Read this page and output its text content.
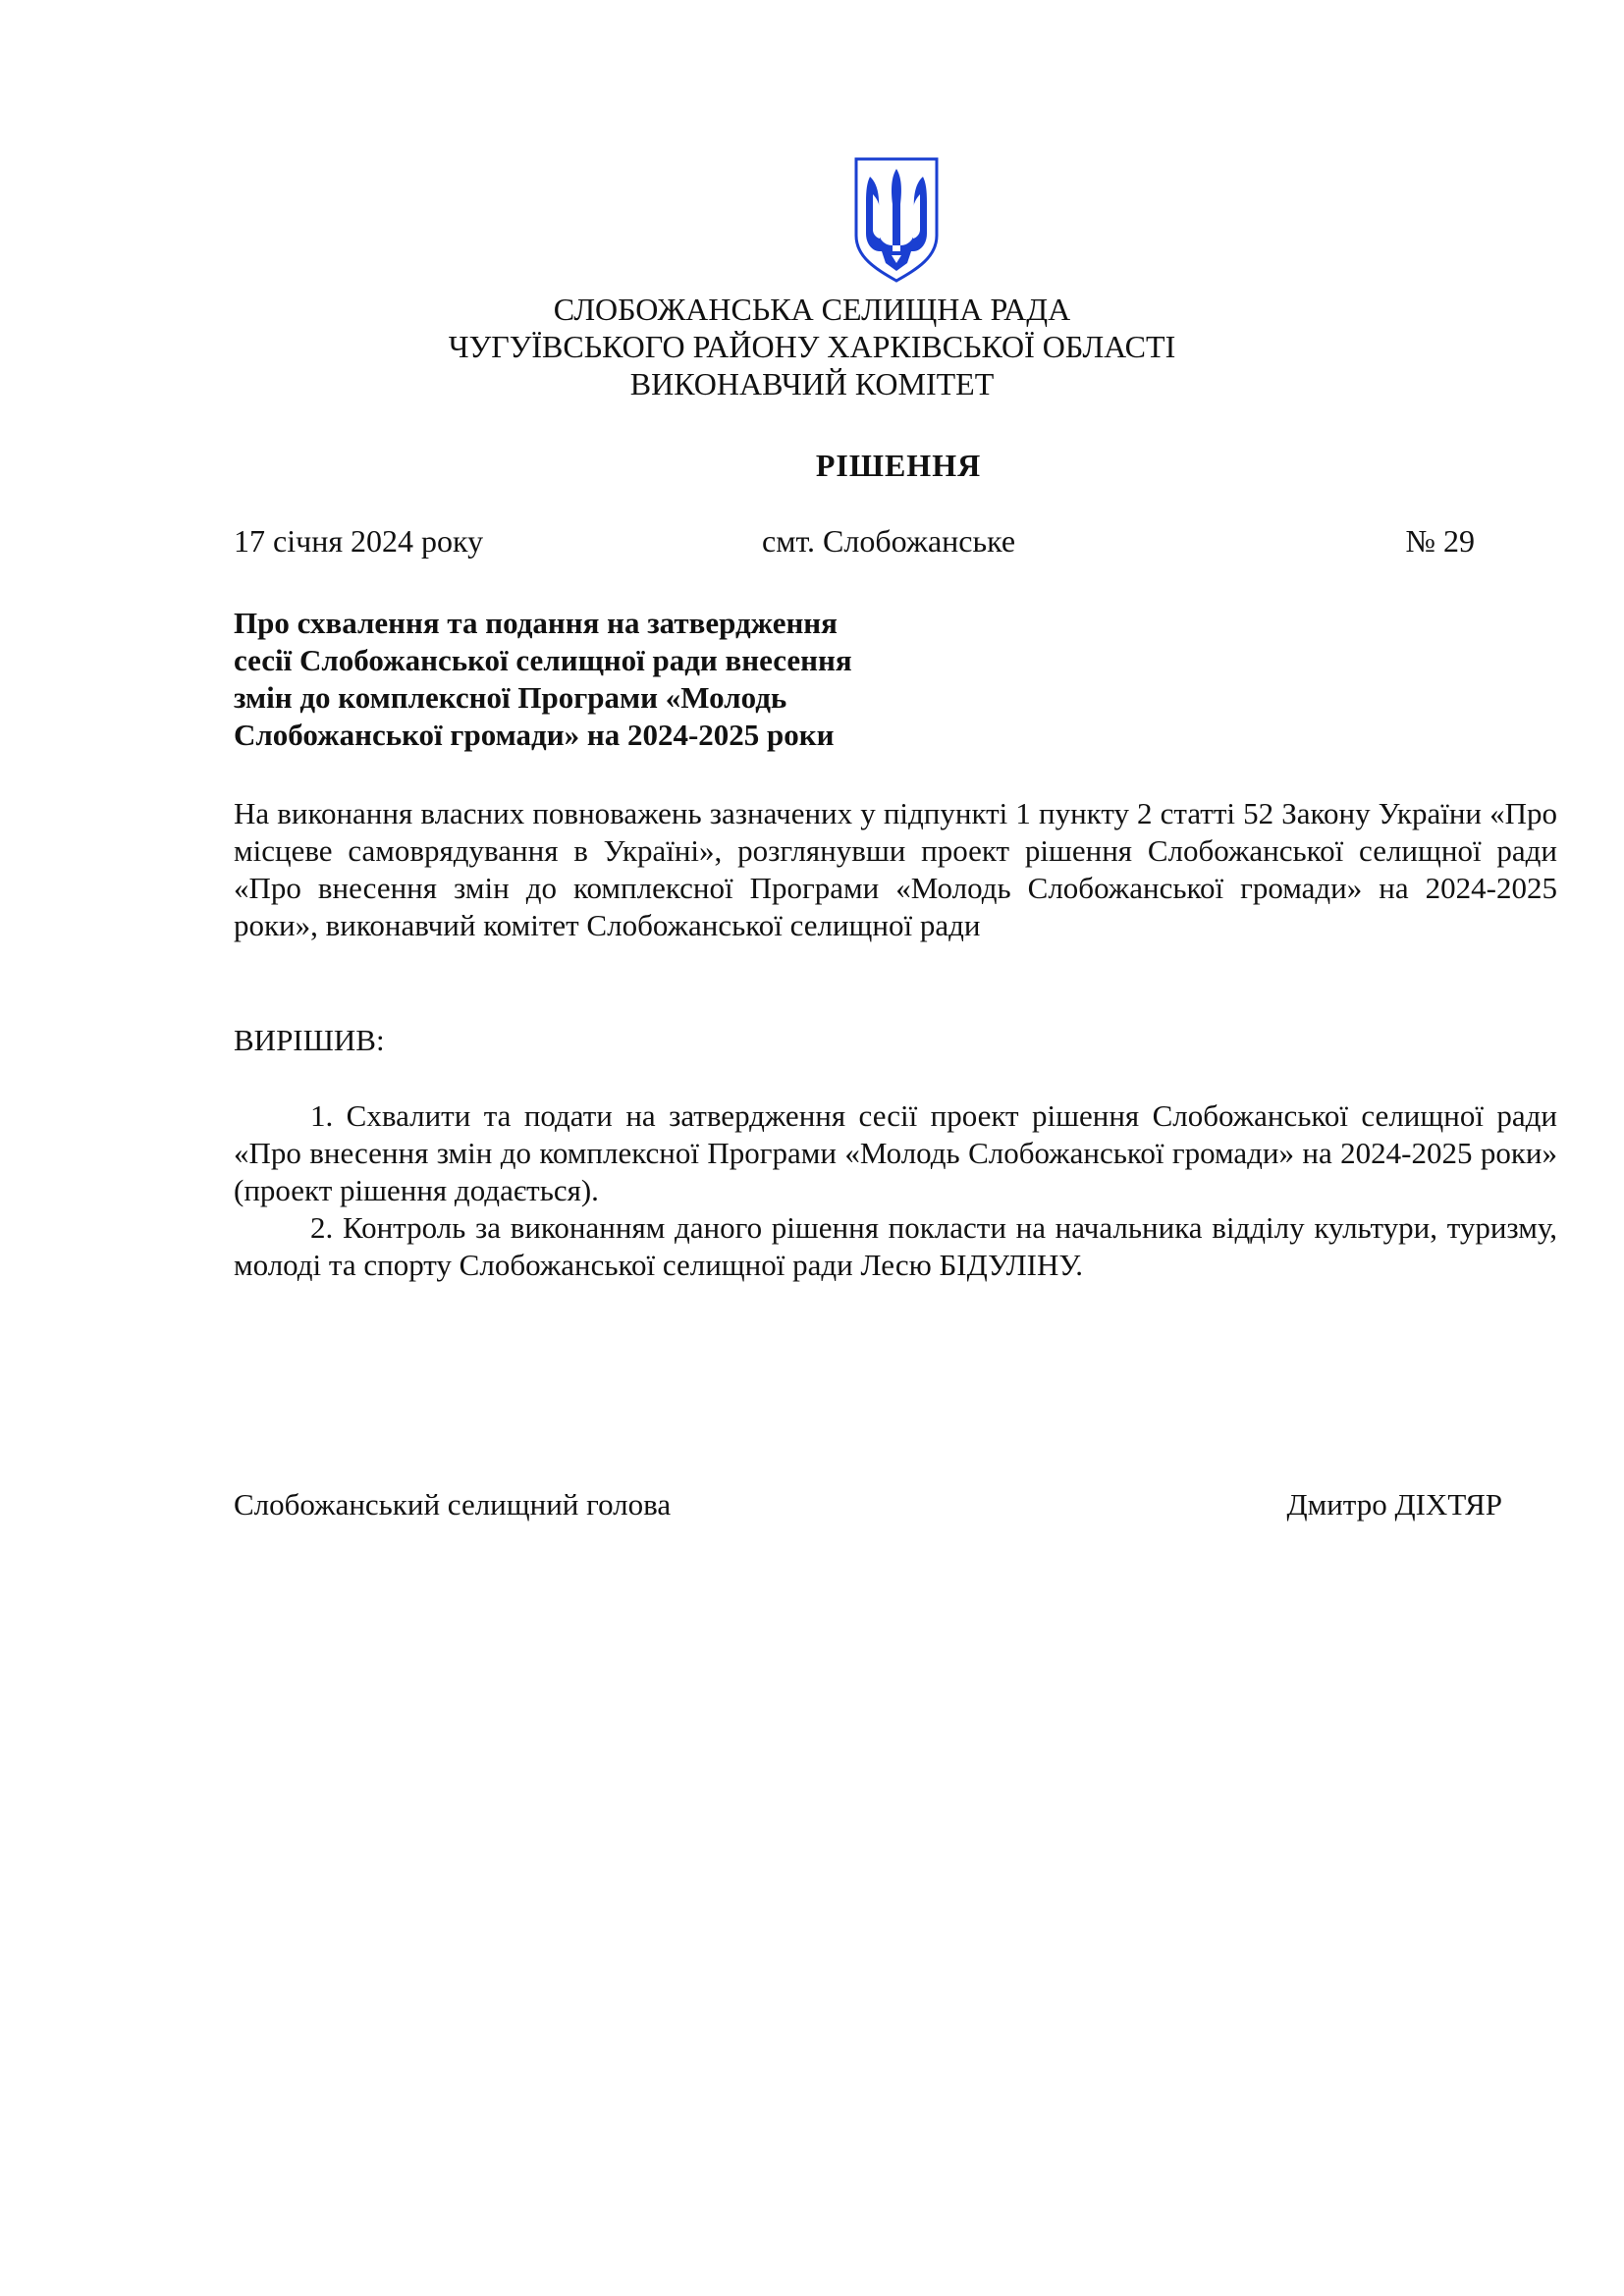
СЛОБОЖАНСЬКА СЕЛИЩНА РАДА
ЧУГУЇВСЬКОГО РАЙОНУ ХАРКІВСЬКОЇ ОБЛАСТІ
ВИКОНАВЧИЙ КОМІТЕТ
РІШЕННЯ
17 січня 2024 року	смт. Слобожанське	№ 29
Про схвалення та подання на затвердження
сесії Слобожанської селищної ради внесення
змін до комплексної Програми «Молодь
Слобожанської громади» на 2024-2025 роки
На виконання власних повноважень зазначених у підпункті 1 пункту 2 статті 52 Закону України «Про місцеве самоврядування в Україні», розглянувши проект рішення Слобожанської селищної ради «Про внесення змін до комплексної Програми «Молодь Слобожанської громади» на 2024-2025 роки», виконавчий комітет Слобожанської селищної ради
ВИРІШИВ:

1. Схвалити та подати на затвердження сесії проект рішення Слобожанської селищної ради «Про внесення змін до комплексної Програми «Молодь Слобожанської громади» на 2024-2025 роки» (проект рішення додається).

2. Контроль за виконанням даного рішення покласти на начальника відділу культури, туризму, молоді та спорту Слобожанської селищної ради Лесю БІДУЛІНУ.

Слобожанський селищний голова	Дмитро ДІХТЯР
